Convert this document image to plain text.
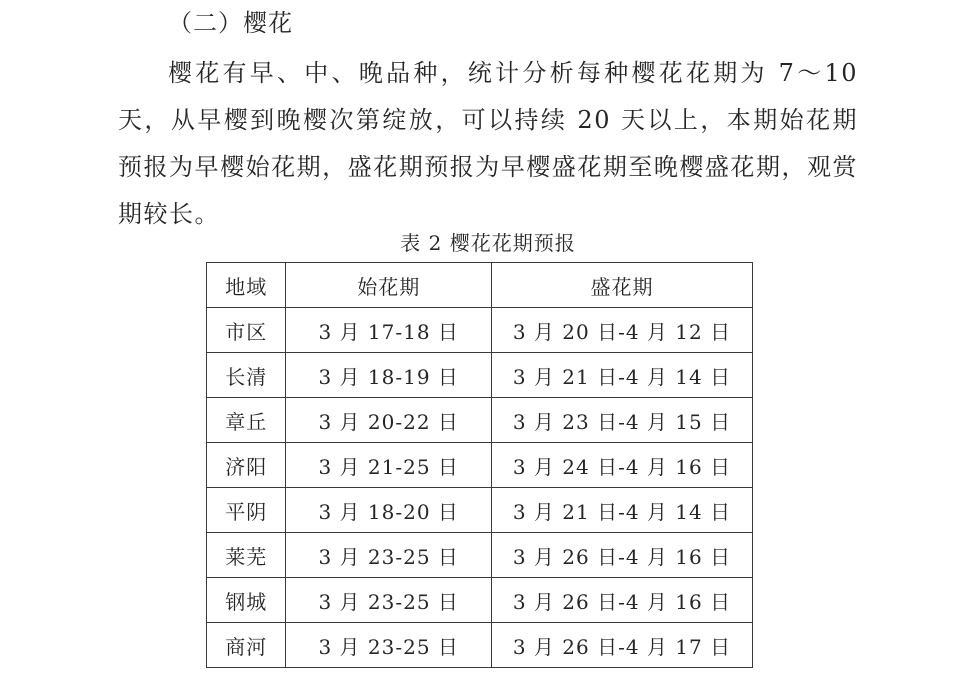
（二）樱花
樱花有早、中、晚品种，统计分析每种樱花花期为 7～10 天，从早樱到晚樱次第绽放，可以持续 20 天以上，本期始花期预报为早樱始花期，盛花期预报为早樱盛花期至晚樱盛花期，观赏期较长。
表 2 樱花花期预报
地域	始花期	盛花期
市区	3 月 17-18 日	3 月 20 日-4 月 12 日
长清	3 月 18-19 日	3 月 21 日-4 月 14 日
章丘	3 月 20-22 日	3 月 23 日-4 月 15 日
济阳	3 月 21-25 日	3 月 24 日-4 月 16 日
平阴	3 月 18-20 日	3 月 21 日-4 月 14 日
莱芜	3 月 23-25 日	3 月 26 日-4 月 16 日
钢城	3 月 23-25 日	3 月 26 日-4 月 16 日
商河	3 月 23-25 日	3 月 26 日-4 月 17 日
